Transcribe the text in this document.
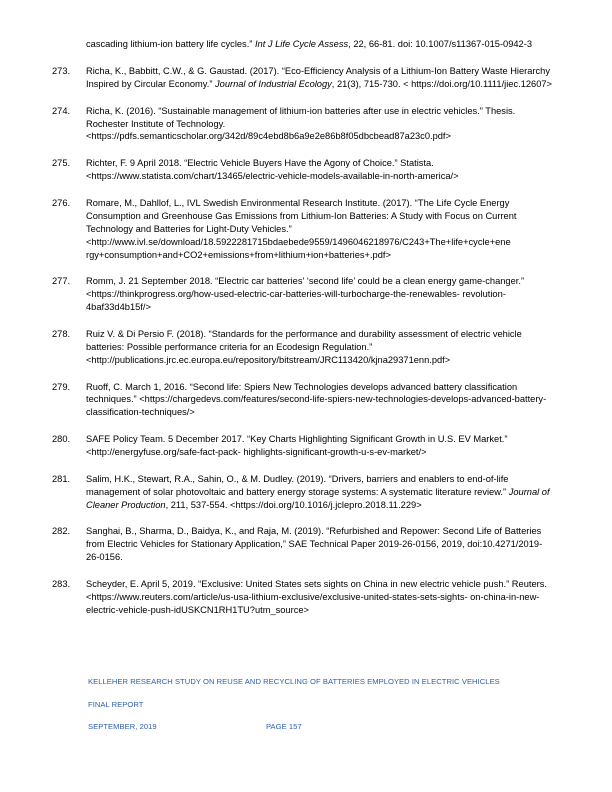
cascading lithium-ion battery life cycles.” Int J Life Cycle Assess, 22, 66-81. doi: 10.1007/s11367-015-0942-3
273.	Richa, K., Babbitt, C.W., & G. Gaustad. (2017). “Eco-Efficiency Analysis of a Lithium-Ion Battery Waste Hierarchy Inspired by Circular Economy.” Journal of Industrial Ecology, 21(3), 715-730. < https://doi.org/10.1111/jiec.12607>
274.	Richa, K. (2016). “Sustainable management of lithium-ion batteries after use in electric vehicles.” Thesis. Rochester Institute of Technology. <https://pdfs.semanticscholar.org/342d/89c4ebd8b6a9e2e86b8f05dbcbead87a23c0.pdf>
275.	Richter, F. 9 April 2018. “Electric Vehicle Buyers Have the Agony of Choice.” Statista. <https://www.statista.com/chart/13465/electric-vehicle-models-available-in-north-america/>
276.	Romare, M., Dahllof, L., IVL Swedish Environmental Research Institute. (2017). “The Life Cycle Energy Consumption and Greenhouse Gas Emissions from Lithium-Ion Batteries: A Study with Focus on Current Technology and Batteries for Light-Duty Vehicles.” <http://www.ivl.se/download/18.5922281715bdaebede9559/1496046218976/C243+The+life+cycle+ene rgy+consumption+and+CO2+emissions+from+lithium+ion+batteries+.pdf>
277.	Romm, J. 21 September 2018. “Electric car batteries’ ‘second life’ could be a clean energy game-changer.” <https://thinkprogress.org/how-used-electric-car-batteries-will-turbocharge-the-renewables- revolution-4baf33d4b15f/>
278.	Ruiz V. & Di Persio F. (2018). “Standards for the performance and durability assessment of electric vehicle batteries: Possible performance criteria for an Ecodesign Regulation.” <http://publications.jrc.ec.europa.eu/repository/bitstream/JRC113420/kjna29371enn.pdf>
279.	Ruoff, C. March 1, 2016. “Second life: Spiers New Technologies develops advanced battery classification techniques.” <https://chargedevs.com/features/second-life-spiers-new-technologies-develops-advanced-battery-classification-techniques/>
280.	SAFE Policy Team. 5 December 2017. “Key Charts Highlighting Significant Growth in U.S. EV Market.” <http://energyfuse.org/safe-fact-pack- highlights-significant-growth-u-s-ev-market/>
281.	Salim, H.K., Stewart, R.A., Sahin, O., & M. Dudley. (2019). “Drivers, barriers and enablers to end-of-life management of solar photovoltaic and battery energy storage systems: A systematic literature review.” Journal of Cleaner Production, 211, 537-554. <https://doi.org/10.1016/j.jclepro.2018.11.229>
282.	Sanghai, B., Sharma, D., Baidya, K., and Raja, M. (2019). “Refurbished and Repower: Second Life of Batteries from Electric Vehicles for Stationary Application,” SAE Technical Paper 2019-26-0156, 2019, doi:10.4271/2019-26-0156.
283.	Scheyder, E. April 5, 2019. “Exclusive: United States sets sights on China in new electric vehicle push.” Reuters. <https://www.reuters.com/article/us-usa-lithium-exclusive/exclusive-united-states-sets-sights- on-china-in-new-electric-vehicle-push-idUSKCN1RH1TU?utm_source>
KELLEHER RESEARCH STUDY ON REUSE AND RECYCLING OF BATTERIES EMPLOYED IN ELECTRIC VEHICLES
FINAL REPORT
SEPTEMBER, 2019	PAGE 157
